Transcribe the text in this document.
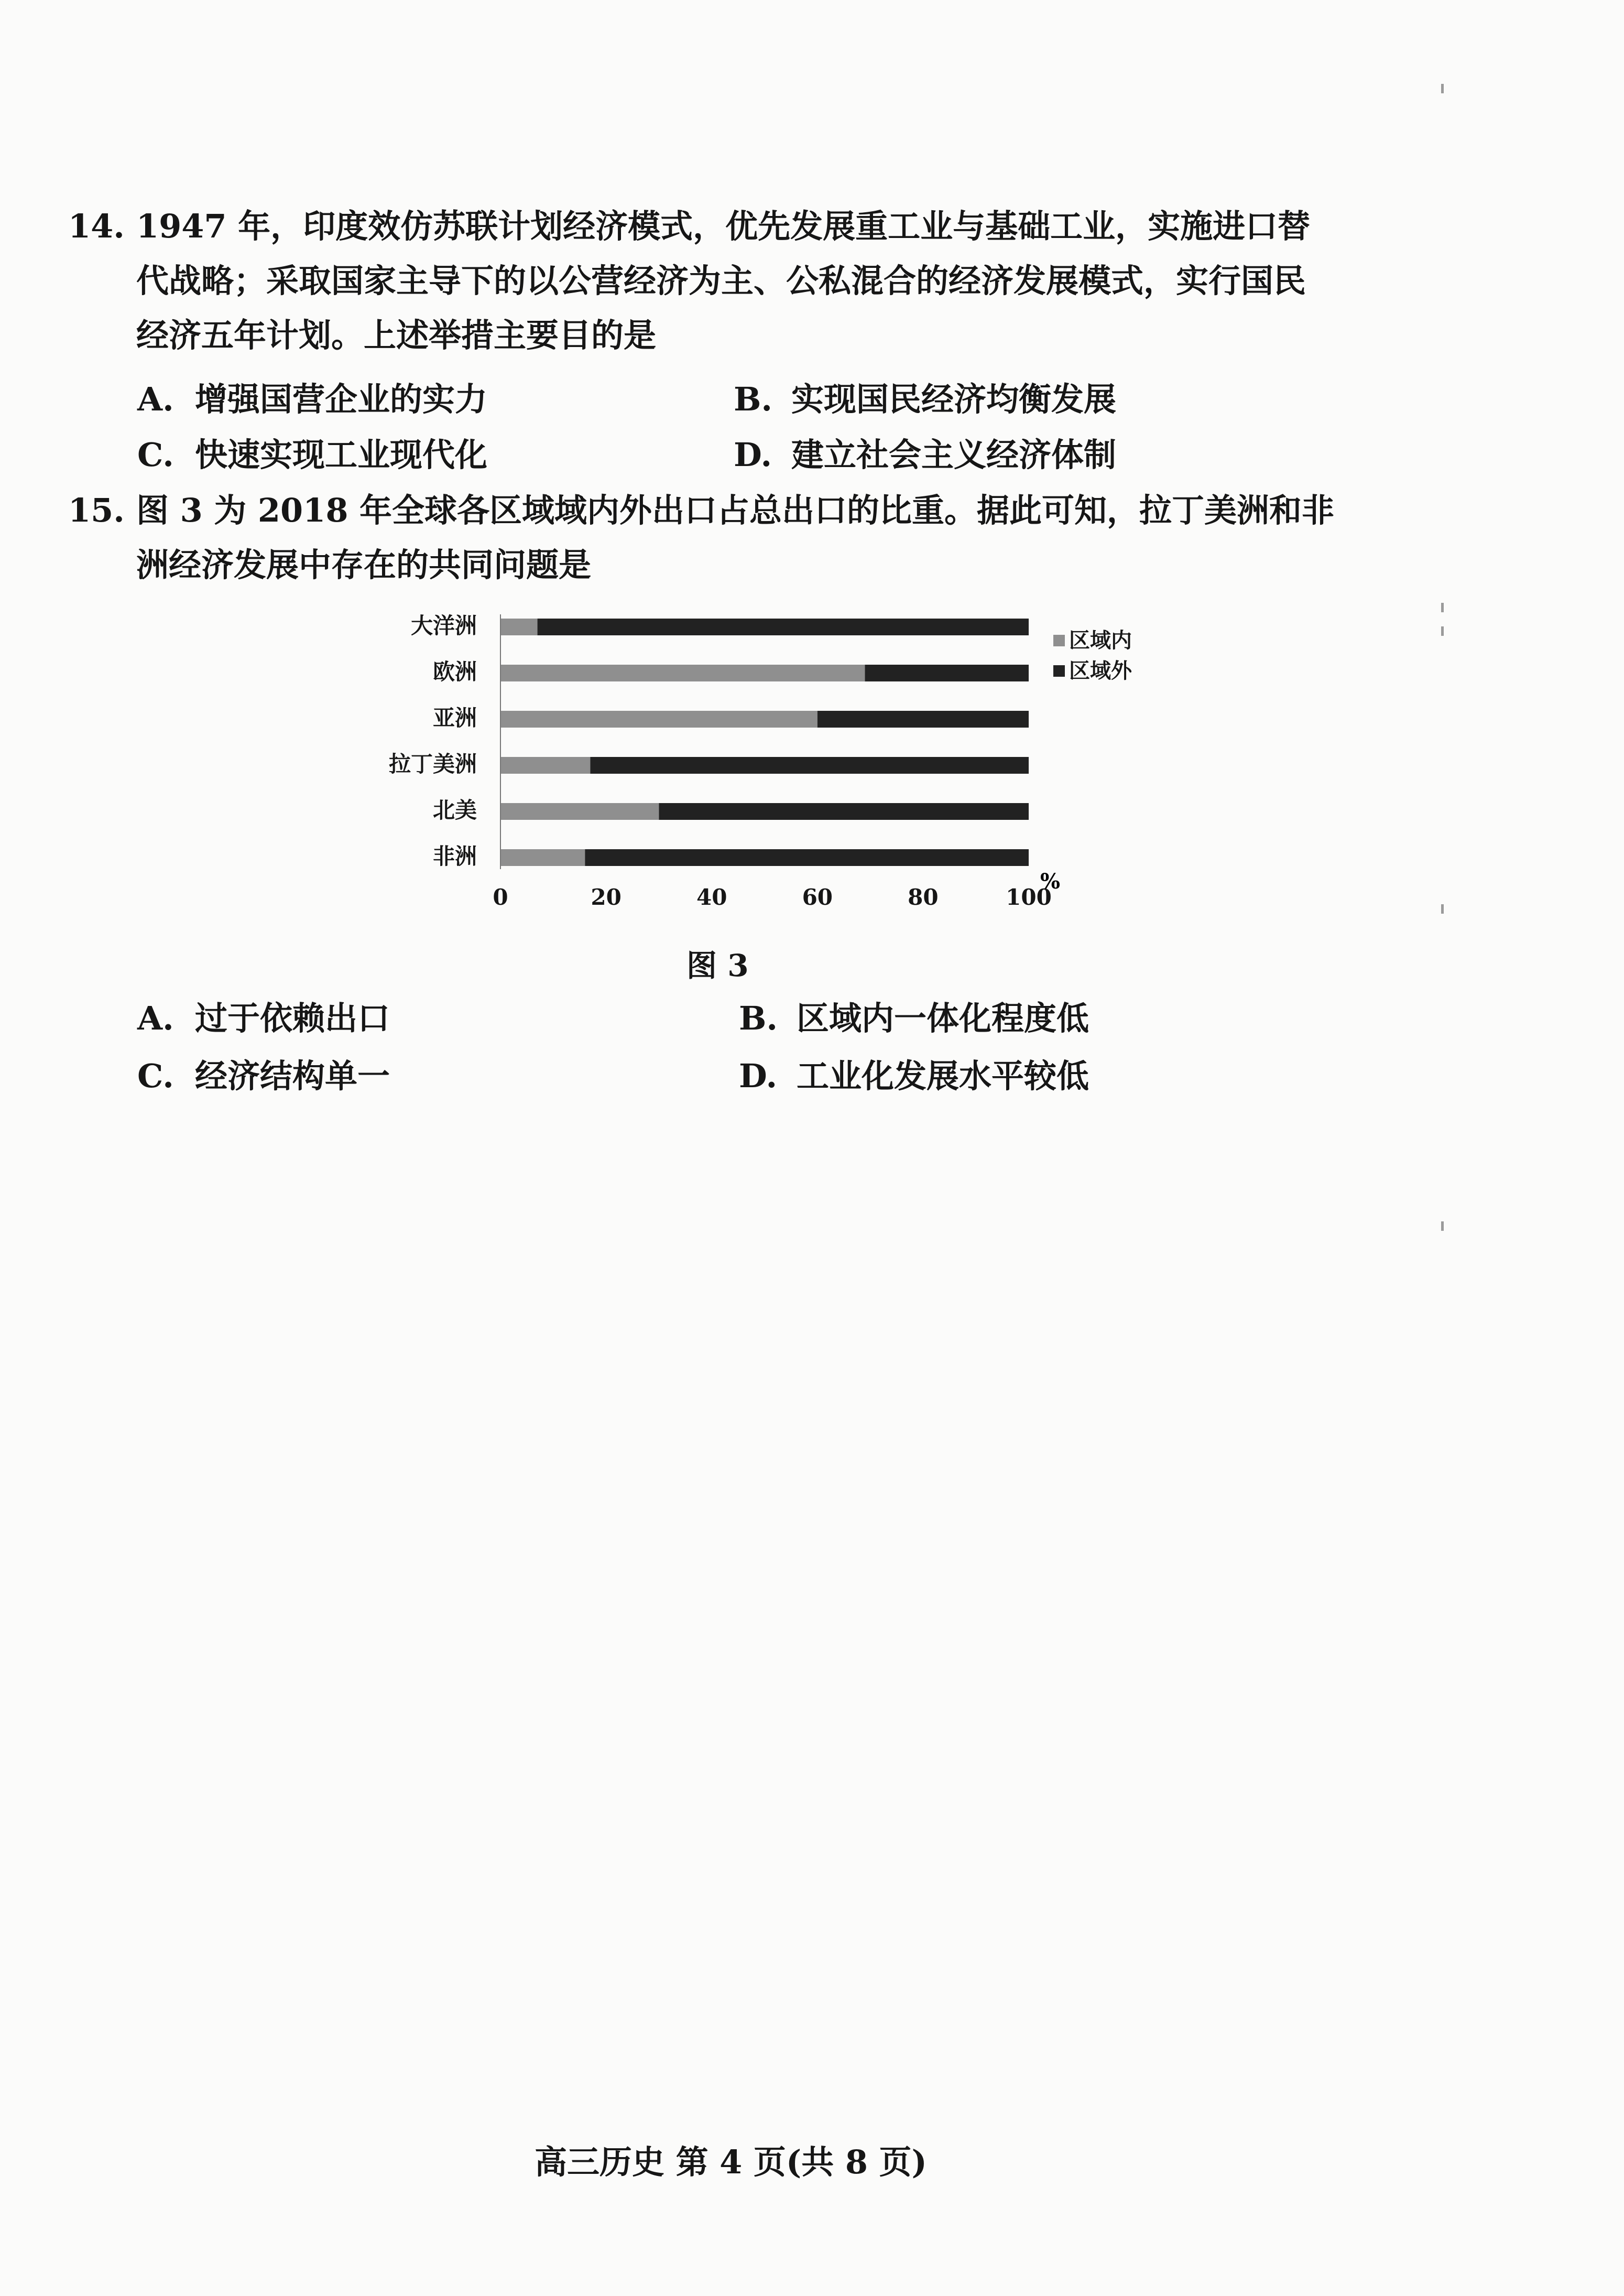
14. 1947 年，印度效仿苏联计划经济模式，优先发展重工业与基础工业，实施进口替
代战略；采取国家主导下的以公营经济为主、公私混合的经济发展模式，实行国民
经济五年计划。上述举措主要目的是
A. 增强国营企业的实力	B. 实现国民经济均衡发展
C. 快速实现工业现代化	D. 建立社会主义经济体制
15. 图 3 为 2018 年全球各区域域内外出口占总出口的比重。据此可知，拉丁美洲和非
洲经济发展中存在的共同问题是
大洋洲
欧洲
亚洲
拉丁美洲
北美
非洲
0	20	40	60	80	100
%
区域内
区域外
图 3
A. 过于依赖出口	B. 区域内一体化程度低
C. 经济结构单一	D. 工业化发展水平较低
高三历史 第 4 页(共 8 页)
